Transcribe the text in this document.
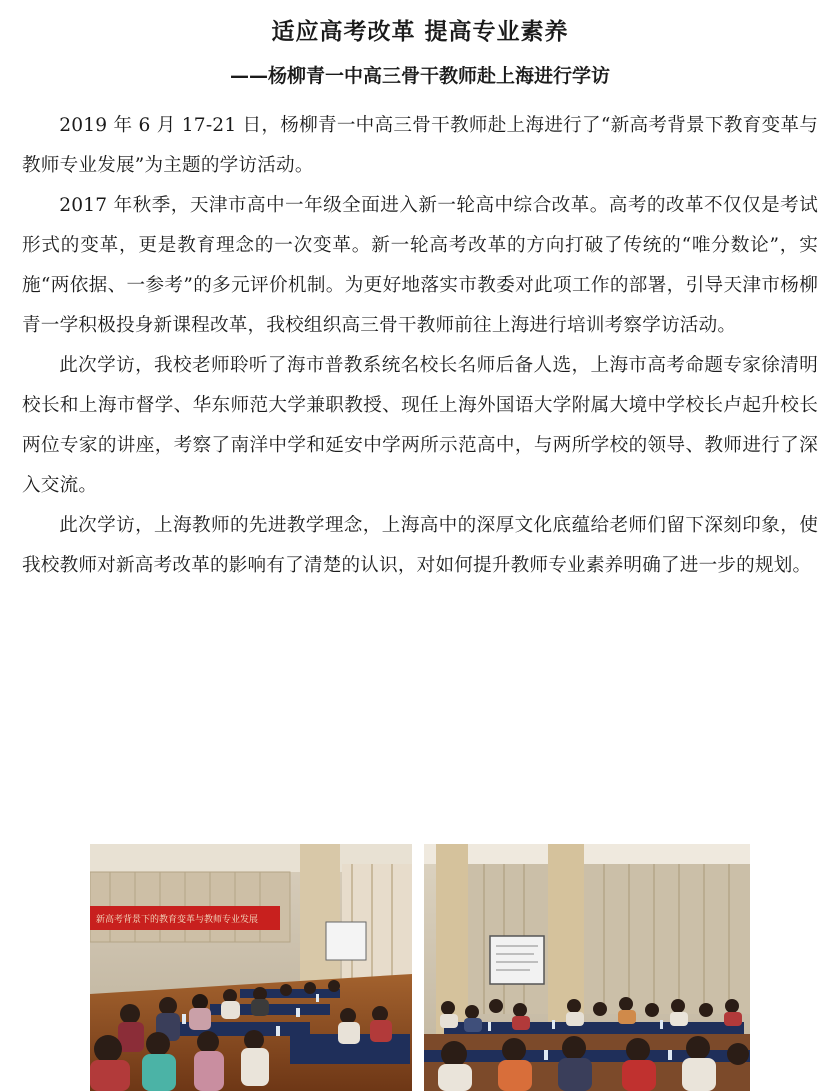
适应高考改革 提高专业素养
——杨柳青一中高三骨干教师赴上海进行学访

2019 年 6 月 17-21 日，杨柳青一中高三骨干教师赴上海进行了“新高考背景下教育变革与教师专业发展”为主题的学访活动。

2017 年秋季，天津市高中一年级全面进入新一轮高中综合改革。高考的改革不仅仅是考试形式的变革，更是教育理念的一次变革。新一轮高考改革的方向打破了传统的“唯分数论”，实施“两依据、一参考”的多元评价机制。为更好地落实市教委对此项工作的部署，引导天津市杨柳青一学积极投身新课程改革，我校组织高三骨干教师前往上海进行培训考察学访活动。

此次学访，我校老师聆听了海市普教系统名校长名师后备人选，上海市高考命题专家徐清明校长和上海市督学、华东师范大学兼职教授、现任上海外国语大学附属大境中学校长卢起升校长两位专家的讲座，考察了南洋中学和延安中学两所示范高中，与两所学校的领导、教师进行了深入交流。

此次学访，上海教师的先进教学理念，上海高中的深厚文化底蕴给老师们留下深刻印象，使我校教师对新高考改革的影响有了清楚的认识，对如何提升教师专业素养明确了进一步的规划。

新高考背景下的教育变革与教师专业发展
